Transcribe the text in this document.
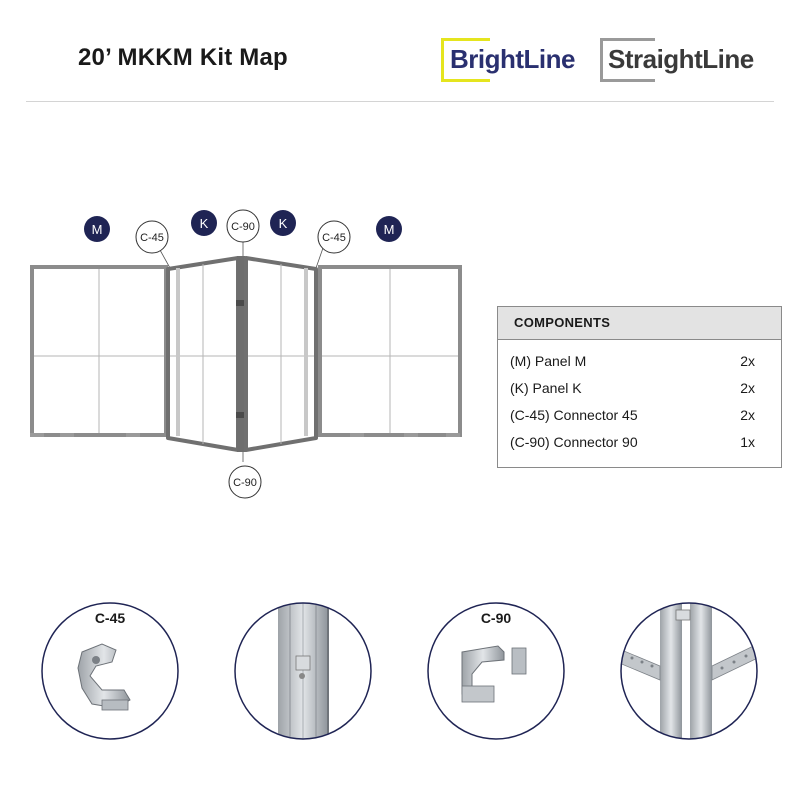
20’ MKKM Kit Map	BrightLine StraightLine
M	K	K	M
C-45
C-90
C-45
C-90
COMPONENTS
(M) Panel M	2x
(K) Panel K	2x
(C-45) Connector 45	2x
(C-90) Connector 90	1x
C-45	C-90
